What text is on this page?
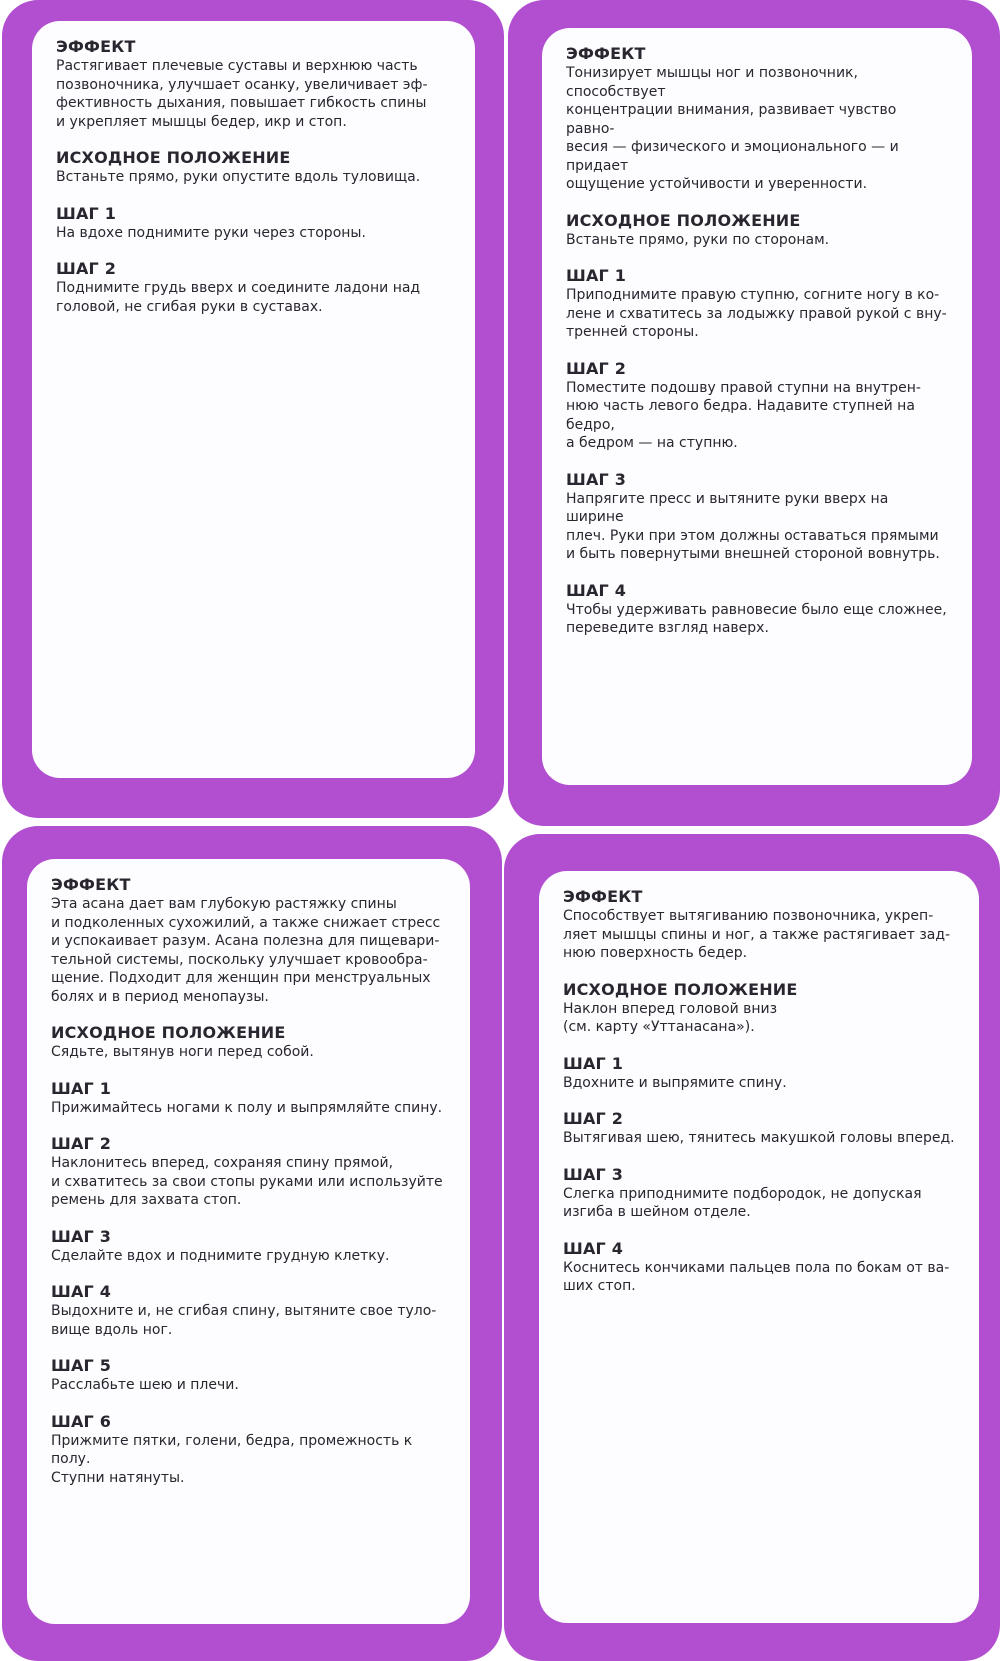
ЭФФЕКТ
Растягивает плечевые суставы и верхнюю часть
позвоночника, улучшает осанку, увеличивает эф-
фективность дыхания, повышает гибкость спины
и укрепляет мышцы бедер, икр и стоп.
ИСХОДНОЕ ПОЛОЖЕНИЕ
Встаньте прямо, руки опустите вдоль туловища.
ШАГ 1
На вдохе поднимите руки через стороны.
ШАГ 2
Поднимите грудь вверх и соедините ладони над
головой, не сгибая руки в суставах.
ЭФФЕКТ
Тонизирует мышцы ног и позвоночник, способствует
концентрации внимания, развивает чувство равно-
весия — физического и эмоционального — и придает
ощущение устойчивости и уверенности.
ИСХОДНОЕ ПОЛОЖЕНИЕ
Встаньте прямо, руки по сторонам.
ШАГ 1
Приподнимите правую ступню, согните ногу в ко-
лене и схватитесь за лодыжку правой рукой с вну-
тренней стороны.
ШАГ 2
Поместите подошву правой ступни на внутрен-
нюю часть левого бедра. Надавите ступней на бедро,
а бедром — на ступню.
ШАГ 3
Напрягите пресс и вытяните руки вверх на ширине
плеч. Руки при этом должны оставаться прямыми
и быть повернутыми внешней стороной вовнутрь.
ШАГ 4
Чтобы удерживать равновесие было еще сложнее,
переведите взгляд наверх.
ЭФФЕКТ
Эта асана дает вам глубокую растяжку спины
и подколенных сухожилий, а также снижает стресс
и успокаивает разум. Асана полезна для пищевари-
тельной системы, поскольку улучшает кровообра-
щение. Подходит для женщин при менструальных
болях и в период менопаузы.
ИСХОДНОЕ ПОЛОЖЕНИЕ
Сядьте, вытянув ноги перед собой.
ШАГ 1
Прижимайтесь ногами к полу и выпрямляйте спину.
ШАГ 2
Наклонитесь вперед, сохраняя спину прямой,
и схватитесь за свои стопы руками или используйте
ремень для захвата стоп.
ШАГ 3
Сделайте вдох и поднимите грудную клетку.
ШАГ 4
Выдохните и, не сгибая спину, вытяните свое туло-
вище вдоль ног.
ШАГ 5
Расслабьте шею и плечи.
ШАГ 6
Прижмите пятки, голени, бедра, промежность к полу.
Ступни натянуты.
ЭФФЕКТ
Способствует вытягиванию позвоночника, укреп-
ляет мышцы спины и ног, а также растягивает зад-
нюю поверхность бедер.
ИСХОДНОЕ ПОЛОЖЕНИЕ
Наклон вперед головой вниз
(см. карту «Уттанасана»).
ШАГ 1
Вдохните и выпрямите спину.
ШАГ 2
Вытягивая шею, тянитесь макушкой головы вперед.
ШАГ 3
Слегка приподнимите подбородок, не допуская
изгиба в шейном отделе.
ШАГ 4
Коснитесь кончиками пальцев пола по бокам от ва-
ших стоп.
